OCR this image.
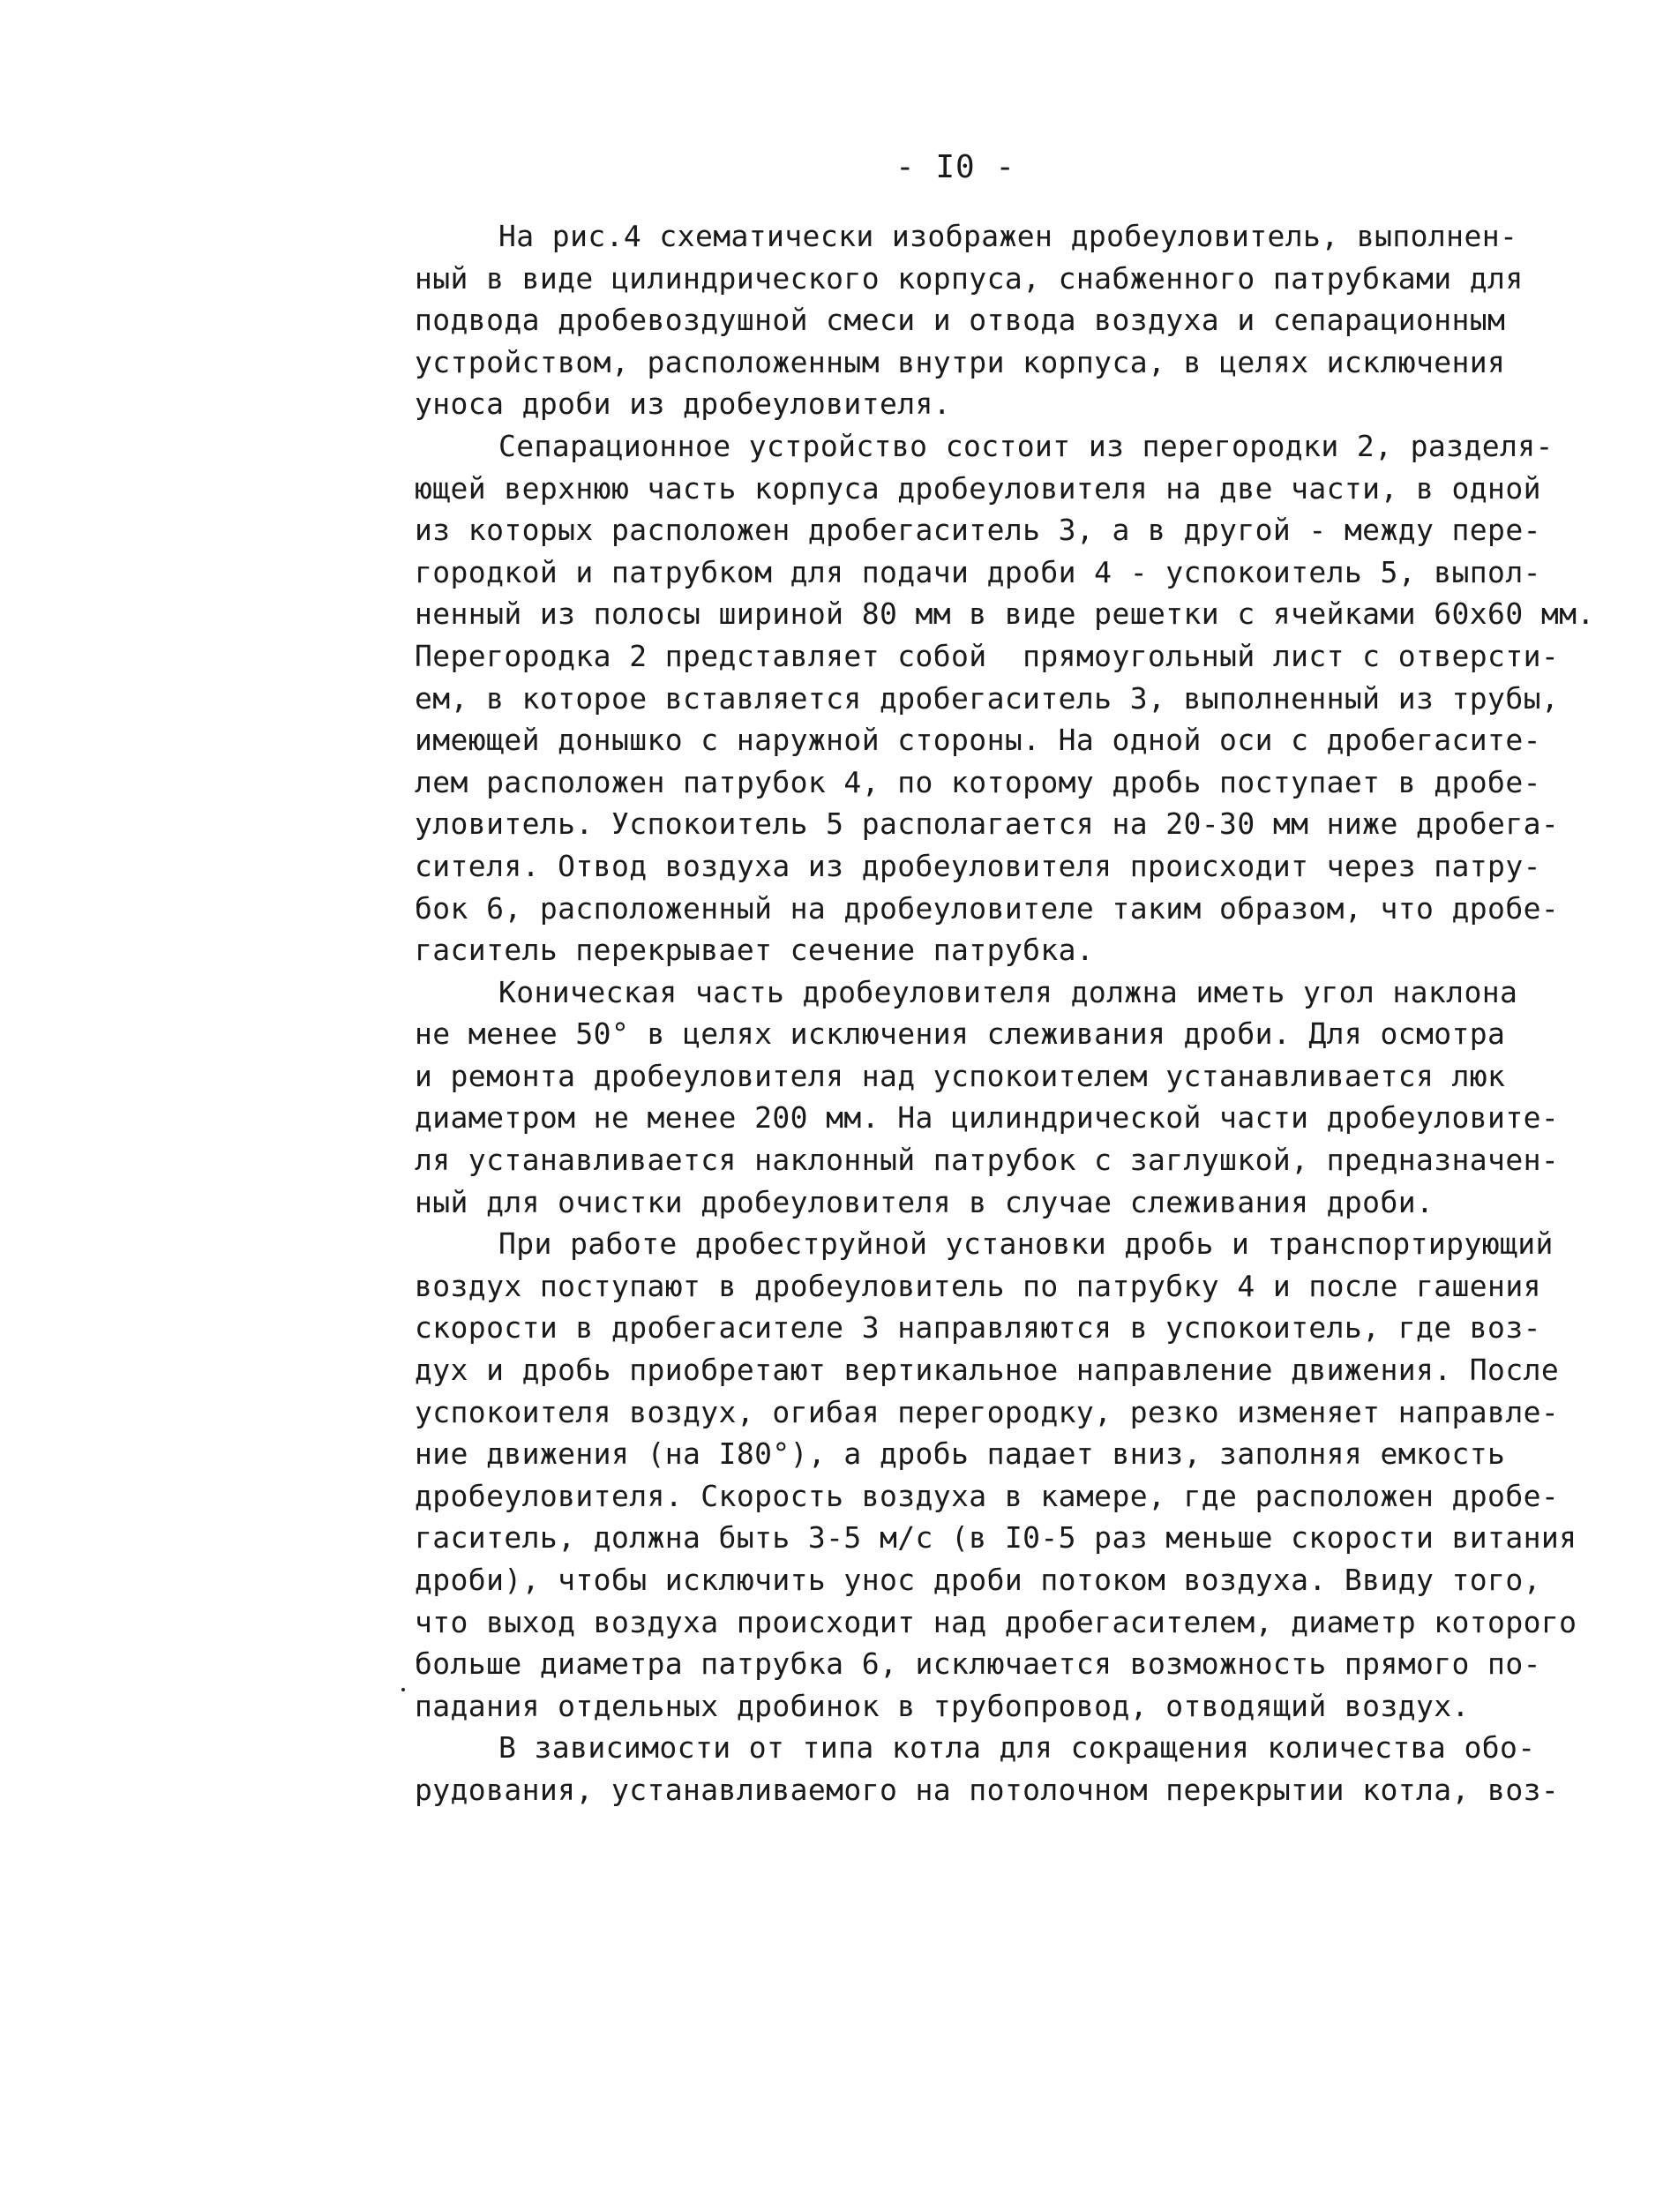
- I0 -
На рис.4 схематически изображен дробеуловитель, выполнен-
ный в виде цилиндрического корпуса, снабженного патрубками для
подвода дробевоздушной смеси и отвода воздуха и сепарационным
устройством, расположенным внутри корпуса, в целях исключения
уноса дроби из дробеуловителя.
Сепарационное устройство состоит из перегородки 2, разделя-
ющей верхнюю часть корпуса дробеуловителя на две части, в одной
из которых расположен дробегаситель 3, а в другой - между пере-
городкой и патрубком для подачи дроби 4 - успокоитель 5, выпол-
ненный из полосы шириной 80 мм в виде решетки с ячейками 60х60 мм.
Перегородка 2 представляет собой  прямоугольный лист с отверсти-
ем, в которое вставляется дробегаситель 3, выполненный из трубы,
имеющей донышко с наружной стороны. На одной оси с дробегасите-
лем расположен патрубок 4, по которому дробь поступает в дробе-
уловитель. Успокоитель 5 располагается на 20-30 мм ниже дробега-
сителя. Отвод воздуха из дробеуловителя происходит через патру-
бок 6, расположенный на дробеуловителе таким образом, что дробе-
гаситель перекрывает сечение патрубка.
Коническая часть дробеуловителя должна иметь угол наклона
не менее 50° в целях исключения слеживания дроби. Для осмотра
и ремонта дробеуловителя над успокоителем устанавливается люк
диаметром не менее 200 мм. На цилиндрической части дробеуловите-
ля устанавливается наклонный патрубок с заглушкой, предназначен-
ный для очистки дробеуловителя в случае слеживания дроби.
При работе дробеструйной установки дробь и транспортирующий
воздух поступают в дробеуловитель по патрубку 4 и после гашения
скорости в дробегасителе 3 направляются в успокоитель, где воз-
дух и дробь приобретают вертикальное направление движения. После
успокоителя воздух, огибая перегородку, резко изменяет направле-
ние движения (на I80°), а дробь падает вниз, заполняя емкость
дробеуловителя. Скорость воздуха в камере, где расположен дробе-
гаситель, должна быть 3-5 м/с (в I0-5 раз меньше скорости витания
дроби), чтобы исключить унос дроби потоком воздуха. Ввиду того,
что выход воздуха происходит над дробегасителем, диаметр которого
больше диаметра патрубка 6, исключается возможность прямого по-
падания отдельных дробинок в трубопровод, отводящий воздух.
В зависимости от типа котла для сокращения количества обо-
рудования, устанавливаемого на потолочном перекрытии котла, воз-
